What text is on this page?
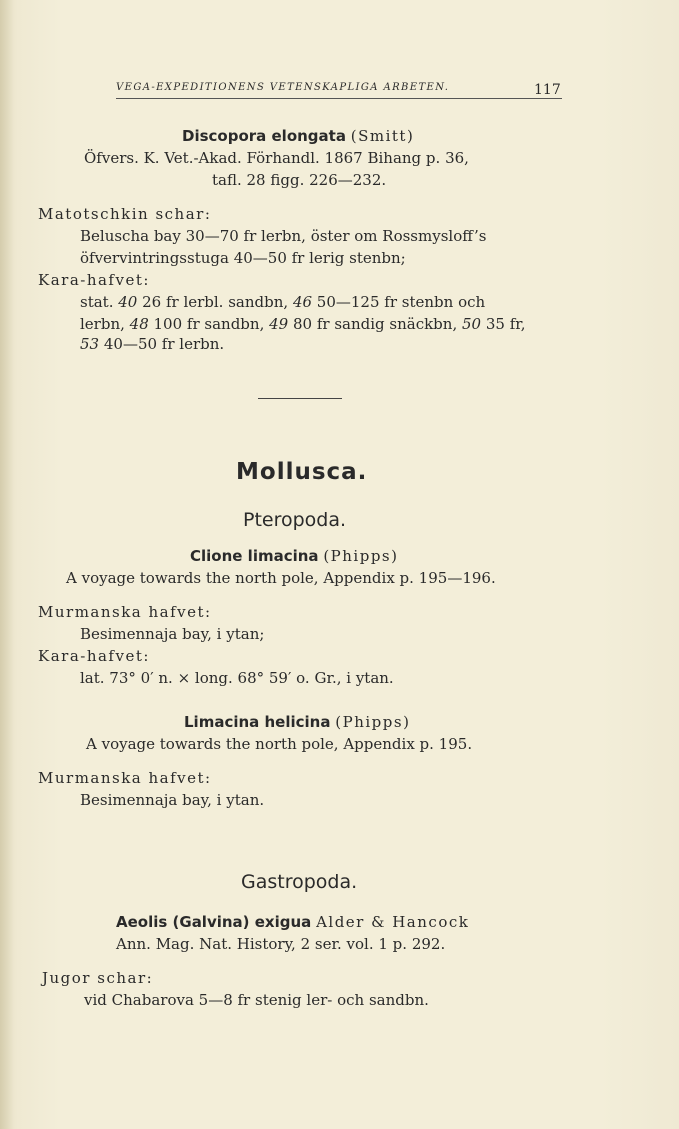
VEGA-EXPEDITIONENS VETENSKAPLIGA ARBETEN.	117
Discopora elongata (Smitt)
Öfvers. K. Vet.-Akad. Förhandl. 1867 Bihang p. 36,
tafl. 28 figg. 226—232.
Matotschkin schar:
Beluscha bay 30—70 fr lerbn, öster om Rossmysloff’s
öfvervintringsstuga 40—50 fr lerig stenbn;
Kara-hafvet:
stat. 40 26 fr lerbl. sandbn, 46 50—125 fr stenbn och
lerbn, 48 100 fr sandbn, 49 80 fr sandig snäckbn, 50 35 fr,
53 40—50 fr lerbn.
Mollusca.
Pteropoda.
Clione limacina (Phipps)
A voyage towards the north pole, Appendix p. 195—196.
Murmanska hafvet:
Besimennaja bay, i ytan;
Kara-hafvet:
lat. 73° 0′ n. × long. 68° 59′ o. Gr., i ytan.
Limacina helicina (Phipps)
A voyage towards the north pole, Appendix p. 195.
Murmanska hafvet:
Besimennaja bay, i ytan.
Gastropoda.
Aeolis (Galvina) exigua Alder & Hancock
Ann. Mag. Nat. History, 2 ser. vol. 1 p. 292.
Jugor schar:
vid Chabarova 5—8 fr stenig ler- och sandbn.
